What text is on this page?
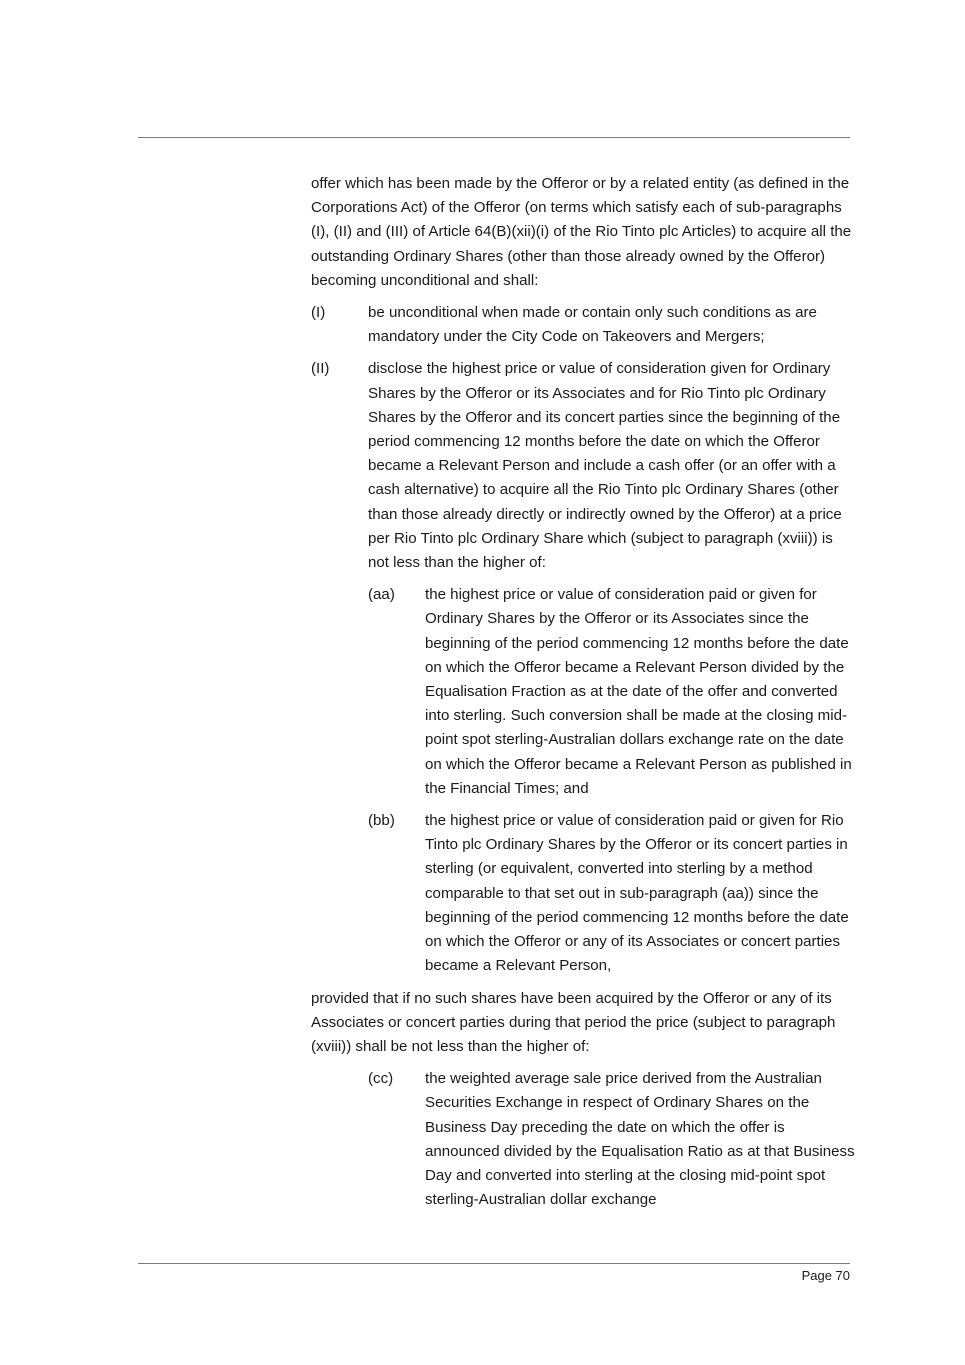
offer which has been made by the Offeror or by a related entity (as defined in the Corporations Act) of the Offeror (on terms which satisfy each of sub-paragraphs (I), (II) and (III) of Article 64(B)(xii)(i) of the Rio Tinto plc Articles) to acquire all the outstanding Ordinary Shares (other than those already owned by the Offeror) becoming unconditional and shall:

(I)	be unconditional when made or contain only such conditions as are mandatory under the City Code on Takeovers and Mergers;
(II)	disclose the highest price or value of consideration given for Ordinary Shares by the Offeror or its Associates and for Rio Tinto plc Ordinary Shares by the Offeror and its concert parties since the beginning of the period commencing 12 months before the date on which the Offeror became a Relevant Person and include a cash offer (or an offer with a cash alternative) to acquire all the Rio Tinto plc Ordinary Shares (other than those already directly or indirectly owned by the Offeror) at a price per Rio Tinto plc Ordinary Share which (subject to paragraph (xviii)) is not less than the higher of:
(aa)	the highest price or value of consideration paid or given for Ordinary Shares by the Offeror or its Associates since the beginning of the period commencing 12 months before the date on which the Offeror became a Relevant Person divided by the Equalisation Fraction as at the date of the offer and converted into sterling. Such conversion shall be made at the closing mid-point spot sterling-Australian dollars exchange rate on the date on which the Offeror became a Relevant Person as published in the Financial Times; and
(bb)	the highest price or value of consideration paid or given for Rio Tinto plc Ordinary Shares by the Offeror or its concert parties in sterling (or equivalent, converted into sterling by a method comparable to that set out in sub-paragraph (aa)) since the beginning of the period commencing 12 months before the date on which the Offeror or any of its Associates or concert parties became a Relevant Person,

provided that if no such shares have been acquired by the Offeror or any of its Associates or concert parties during that period the price (subject to paragraph (xviii)) shall be not less than the higher of:

(cc)	the weighted average sale price derived from the Australian Securities Exchange in respect of Ordinary Shares on the Business Day preceding the date on which the offer is announced divided by the Equalisation Ratio as at that Business Day and converted into sterling at the closing mid-point spot sterling-Australian dollar exchange
Page 70
